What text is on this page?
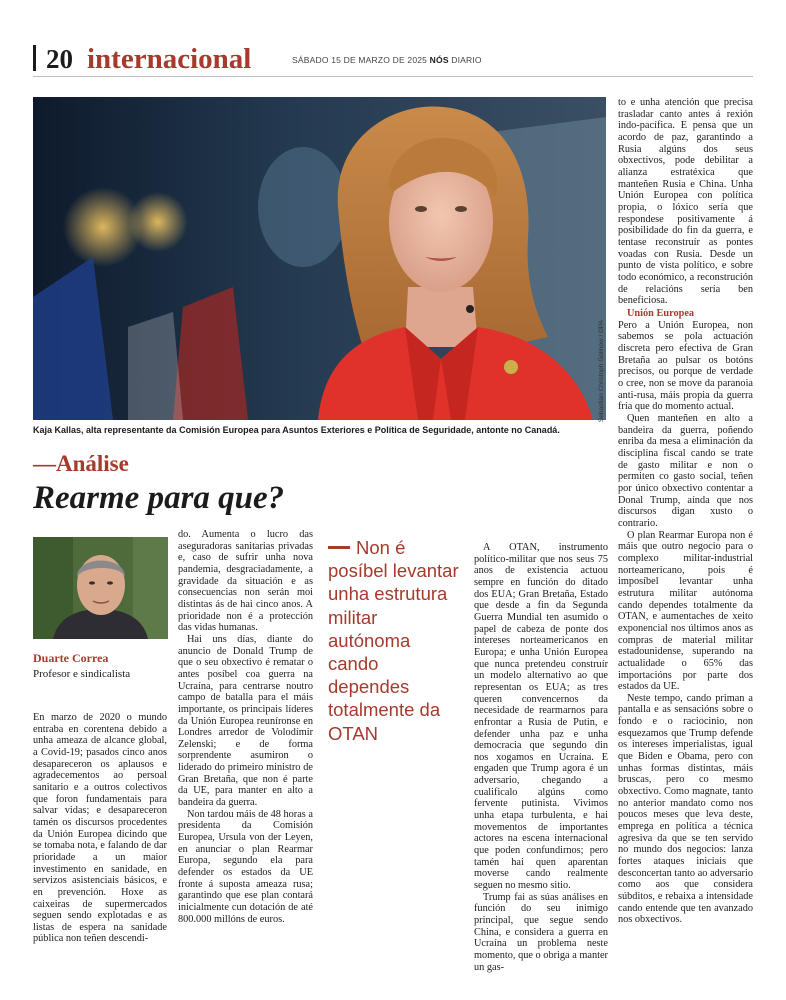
20 internacional	SÁBADO 15 DE MARZO DE 2025 NÓS DIARIO
Sebastian Christoph Gollnow / DPA
Kaja Kallas, alta representante da Comisión Europea para Asuntos Exteriores e Política de Seguridade, antonte no Canadá.
—Análise
Rearme para que?
Duarte Correa
Profesor e sindicalista

En marzo de 2020 o mundo entraba en corentena debido a unha ameaza de alcance global, a Covid-19; pasados cinco anos desapareceron os aplausos e agradecementos ao persoal sanitario e a outros colectivos que foron fundamentais para salvar vidas; e desapareceron tamén os discursos procedentes da Unión Europea dicindo que se tomaba nota, e falando de dar prioridade a un maior investimento en sanidade, en servizos asistenciais básicos, e en prevención. Hoxe as caixeiras de supermercados seguen sendo explotadas e as listas de espera na sanidade pública non teñen descendi-

do. Aumenta o lucro das aseguradoras sanitarias privadas e, caso de sufrir unha nova pandemia, desgraciadamente, a gravidade da situación e as consecuencias non serán moi distintas ás de hai cinco anos. A prioridade non é a protección das vidas humanas.

Hai uns días, diante do anuncio de Donald Trump de que o seu obxectivo é rematar o antes posíbel coa guerra na Ucraína, para centrarse noutro campo de batalla para el máis importante, os principais líderes da Unión Europea reuníronse en Londres arredor de Volodímir Zelenski; e de forma sorprendente asumiron o liderado do primeiro ministro de Gran Bretaña, que non é parte da UE, para manter en alto a bandeira da guerra.

Non tardou máis de 48 horas a presidenta da Comisión Europea, Ursula von der Leyen, en anunciar o plan Rearmar Europa, segundo ela para defender os estados da UE fronte á suposta ameaza rusa; garantindo que ese plan contará inicialmente cun dotación de até 800.000 millóns de euros.

Non é posíbel levantar unha estrutura militar autónoma cando dependes totalmente da OTAN

A OTAN, instrumento político-militar que nos seus 75 anos de existencia actuou sempre en función do ditado dos EUA; Gran Bretaña, Estado que desde a fin da Segunda Guerra Mundial ten asumido o papel de cabeza de ponte dos intereses norteamericanos en Europa; e unha Unión Europea que nunca pretendeu construír un modelo alternativo ao que representan os EUA; as tres queren convencernos da necesidade de rearmarnos para enfrontar a Rusia de Putin, e defender unha paz e unha democracia que segundo din nos xogamos en Ucraína. E engaden que Trump agora é un adversario, chegando a cualificalo algúns como fervente putinista. Vivimos unha etapa turbulenta, e hai movementos de importantes actores na escena internacional que poden confundirnos; pero tamén hai quen aparentan moverse cando realmente seguen no mesmo sitio.

Trump fai as súas análises en función do seu inimigo principal, que segue sendo China, e considera a guerra en Ucraína un problema neste momento, que o obriga a manter un gas-

to e unha atención que precisa trasladar canto antes á rexión indo-pacífica. E pensa que un acordo de paz, garantindo a Rusia algúns dos seus obxectivos, pode debilitar a alianza estratéxica que manteñen Rusia e China. Unha Unión Europea con política propia, o lóxico sería que respondese positivamente á posibilidade do fin da guerra, e tentase reconstruír as pontes voadas con Rusia. Desde un punto de vista político, e sobre todo económico, a reconstrución de relacións sería ben beneficiosa.

Unión Europea

Pero a Unión Europea, non sabemos se pola actuación discreta pero efectiva de Gran Bretaña ao pulsar os botóns precisos, ou porque de verdade o cree, non se move da paranoia anti-rusa, máis propia da guerra fría que do momento actual.

Quen manteñen en alto a bandeira da guerra, poñendo enriba da mesa a eliminación da disciplina fiscal cando se trate de gasto militar e non o permiten co gasto social, teñen por único obxectivo contentar a Donal Trump, aínda que nos discursos digan xusto o contrario.

O plan Rearmar Europa non é máis que outro negocio para o complexo militar-industrial norteamericano, pois é imposíbel levantar unha estrutura militar autónoma cando dependes totalmente da OTAN, e aumentaches de xeito exponencial nos últimos anos as compras de material militar estadounidense, superando na actualidade o 65% das importacións por parte dos estados da UE.

Neste tempo, cando priman a pantalla e as sensacións sobre o fondo e o raciocinio, non esquezamos que Trump defende os intereses imperialistas, igual que Biden e Obama, pero con unhas formas distintas, máis bruscas, pero co mesmo obxectivo. Como magnate, tanto no anterior mandato como nos poucos meses que leva deste, emprega en política a técnica agresiva da que se ten servido no mundo dos negocios: lanza fortes ataques iniciais que desconcertan tanto ao adversario como aos que considera súbditos, e rebaixa a intensidade cando entende que ten avanzado nos obxectivos.
